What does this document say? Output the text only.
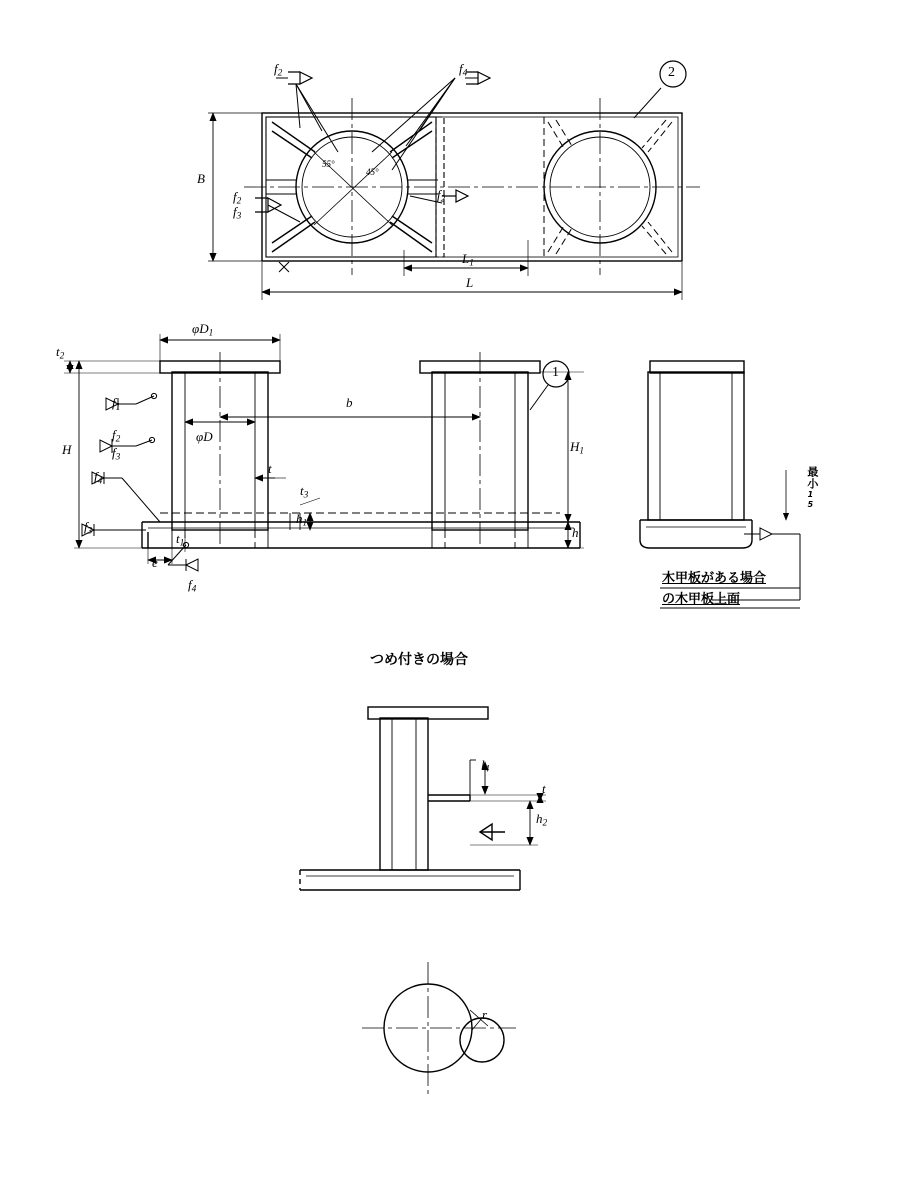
$f_2$	$f_4$
$f_2$
$f_3$
$f_2$
B
$L_1$
L
55°
45°
2
$t_2$
H
$\varphi D_1$
φD
b
t
$t_3$
$h_1$
$H_1$
h
e
$t_1$
$f_1$
$f_2$
$f_3$
$f_4$
$f_3$
$f_4$
1
最小$_{15}$
木甲板がある場合
の木甲板上面
つめ付きの場合
$l_4$
t
$h_2$
r
